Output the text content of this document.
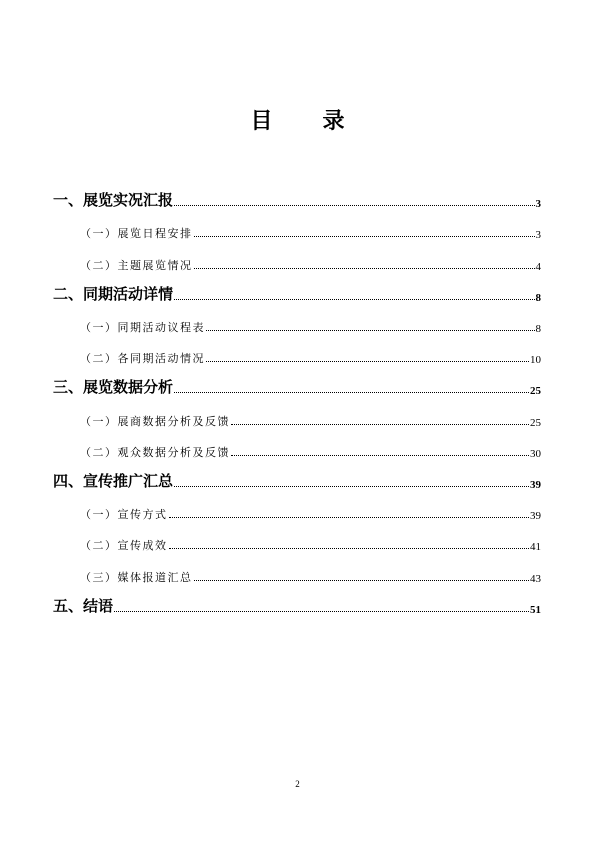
目　录
一、展览实况汇报	3
（一）展览日程安排	3
（二）主题展览情况	4
二、同期活动详情	8
（一）同期活动议程表	8
（二）各同期活动情况	10
三、展览数据分析	25
（一）展商数据分析及反馈	25
（二）观众数据分析及反馈	30
四、宣传推广汇总	39
（一）宣传方式	39
（二）宣传成效	41
（三）媒体报道汇总	43
五、结语	51
2
